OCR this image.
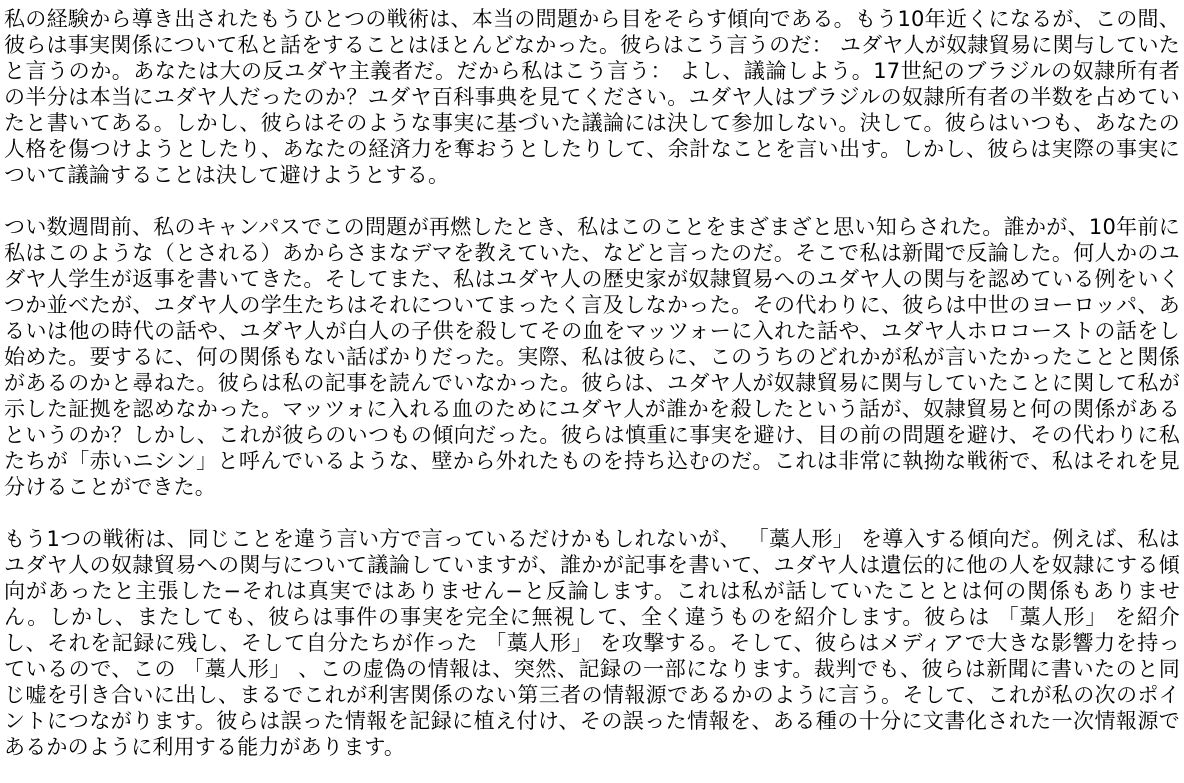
私の経験から導き出されたもうひとつの戦術は、本当の問題から目をそらす傾向である。もう10年近くになるが、この間、彼らは事実関係について私と話をすることはほとんどなかった。彼らはこう言うのだ： ユダヤ人が奴隷貿易に関与していたと言うのか。あなたは大の反ユダヤ主義者だ。だから私はこう言う： よし、議論しよう。17世紀のブラジルの奴隷所有者の半分は本当にユダヤ人だったのか？ユダヤ百科事典を見てください。ユダヤ人はブラジルの奴隷所有者の半数を占めていたと書いてある。しかし、彼らはそのような事実に基づいた議論には決して参加しない。決して。彼らはいつも、あなたの人格を傷つけようとしたり、あなたの経済力を奪おうとしたりして、余計なことを言い出す。しかし、彼らは実際の事実について議論することは決して避けようとする。

つい数週間前、私のキャンパスでこの問題が再燃したとき、私はこのことをまざまざと思い知らされた。誰かが、10年前に私はこのような（とされる）あからさまなデマを教えていた、などと言ったのだ。そこで私は新聞で反論した。何人かのユダヤ人学生が返事を書いてきた。そしてまた、私はユダヤ人の歴史家が奴隷貿易へのユダヤ人の関与を認めている例をいくつか並べたが、ユダヤ人の学生たちはそれについてまったく言及しなかった。その代わりに、彼らは中世のヨーロッパ、あるいは他の時代の話や、ユダヤ人が白人の子供を殺してその血をマッツォーに入れた話や、ユダヤ人ホロコーストの話をし始めた。要するに、何の関係もない話ばかりだった。実際、私は彼らに、このうちのどれかが私が言いたかったことと関係があるのかと尋ねた。彼らは私の記事を読んでいなかった。彼らは、ユダヤ人が奴隷貿易に関与していたことに関して私が示した証拠を認めなかった。マッツォに入れる血のためにユダヤ人が誰かを殺したという話が、奴隷貿易と何の関係があるというのか？しかし、これが彼らのいつもの傾向だった。彼らは慎重に事実を避け、目の前の問題を避け、その代わりに私たちが「赤いニシン」と呼んでいるような、壁から外れたものを持ち込むのだ。これは非常に執拗な戦術で、私はそれを見分けることができた。

もう1つの戦術は、同じことを違う言い方で言っているだけかもしれないが、 「藁人形」 を導入する傾向だ。例えば、私はユダヤ人の奴隷貿易への関与について議論していますが、誰かが記事を書いて、ユダヤ人は遺伝的に他の人を奴隷にする傾向があったと主張した−それは真実ではありません−と反論します。これは私が話していたこととは何の関係もありません。しかし、またしても、彼らは事件の事実を完全に無視して、全く違うものを紹介します。彼らは 「藁人形」 を紹介し、それを記録に残し、そして自分たちが作った 「藁人形」 を攻撃する。そして、彼らはメディアで大きな影響力を持っているので、この 「藁人形」 、この虚偽の情報は、突然、記録の一部になります。裁判でも、彼らは新聞に書いたのと同じ嘘を引き合いに出し、まるでこれが利害関係のない第三者の情報源であるかのように言う。そして、これが私の次のポイントにつながります。彼らは誤った情報を記録に植え付け、その誤った情報を、ある種の十分に文書化された一次情報源であるかのように利用する能力があります。
